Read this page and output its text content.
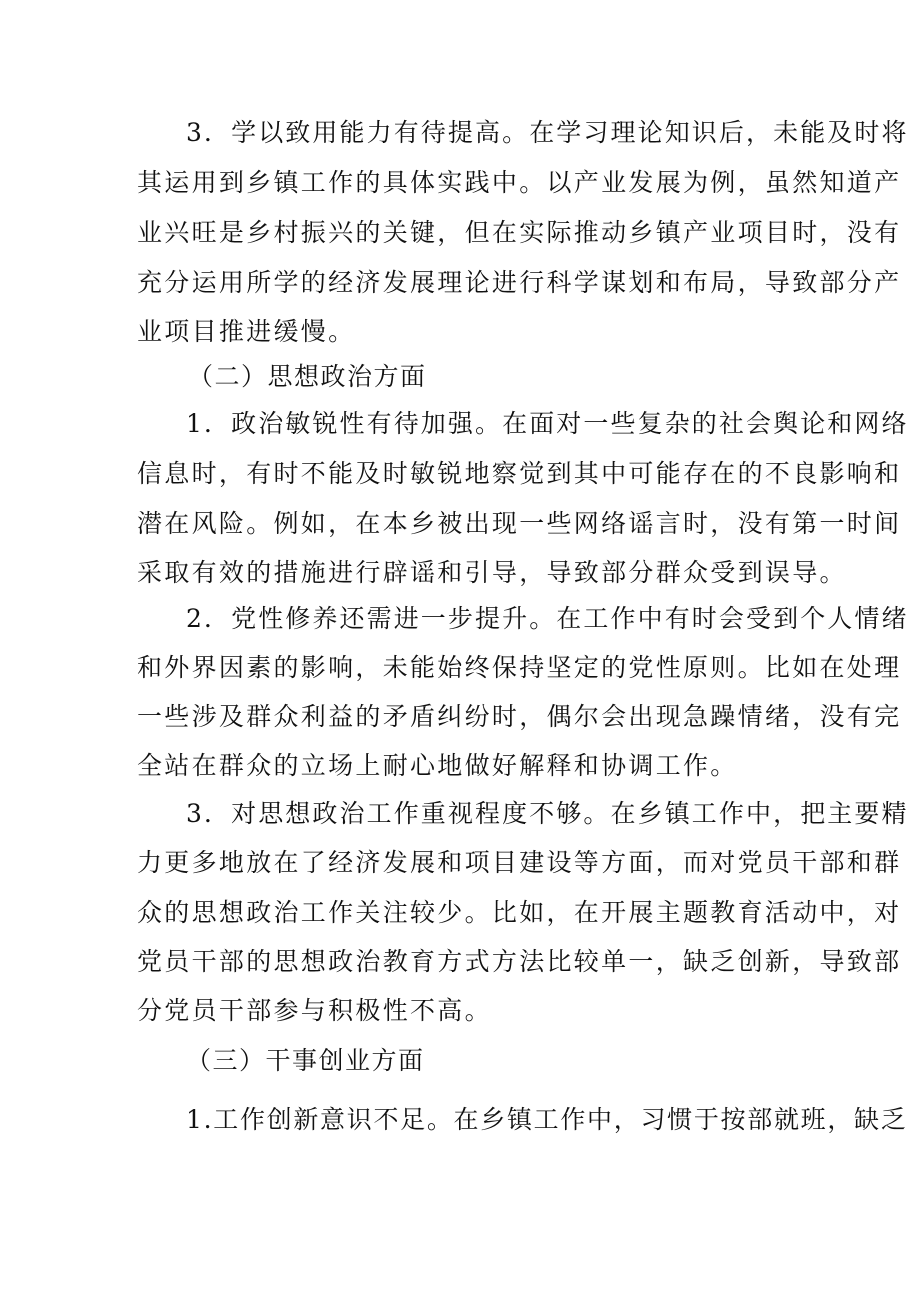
3．学以致用能力有待提高。在学习理论知识后，未能及时将
其运用到乡镇工作的具体实践中。以产业发展为例，虽然知道产
业兴旺是乡村振兴的关键，但在实际推动乡镇产业项目时，没有
充分运用所学的经济发展理论进行科学谋划和布局，导致部分产
业项目推进缓慢。
（二）思想政治方面
1．政治敏锐性有待加强。在面对一些复杂的社会舆论和网络
信息时，有时不能及时敏锐地察觉到其中可能存在的不良影响和
潜在风险。例如，在本乡被出现一些网络谣言时，没有第一时间
采取有效的措施进行辟谣和引导，导致部分群众受到误导。
2．党性修养还需进一步提升。在工作中有时会受到个人情绪
和外界因素的影响，未能始终保持坚定的党性原则。比如在处理
一些涉及群众利益的矛盾纠纷时，偶尔会出现急躁情绪，没有完
全站在群众的立场上耐心地做好解释和协调工作。
3．对思想政治工作重视程度不够。在乡镇工作中，把主要精
力更多地放在了经济发展和项目建设等方面，而对党员干部和群
众的思想政治工作关注较少。比如，在开展主题教育活动中，对
党员干部的思想政治教育方式方法比较单一，缺乏创新，导致部
分党员干部参与积极性不高。
（三）干事创业方面
1.工作创新意识不足。在乡镇工作中，习惯于按部就班，缺乏
